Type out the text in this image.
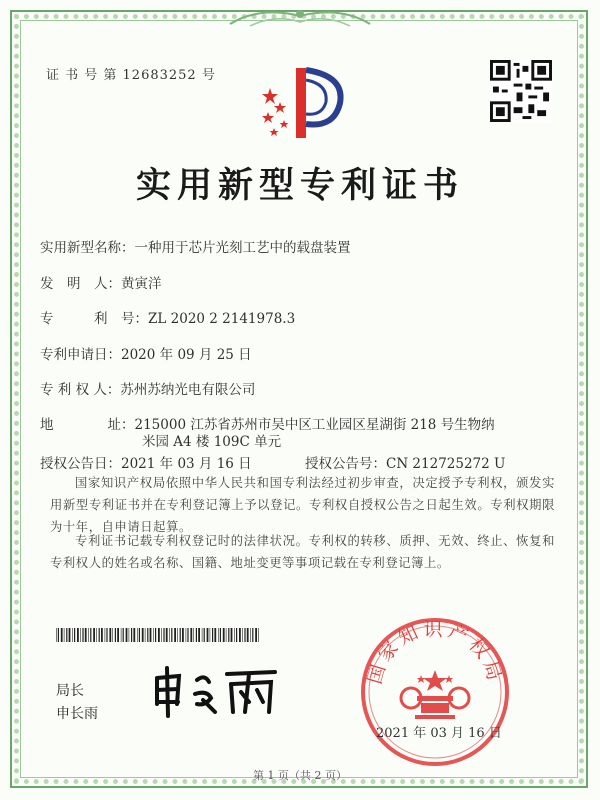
证 书 号 第 12683252 号
实用新型专利证书
实用新型名称：一种用于芯片光刻工艺中的载盘装置
发　明　人：黄寅洋
专　　　利　号：ZL 2020 2 2141978.3
专利申请日：2020 年 09 月 25 日
专 利 权 人：苏州苏纳光电有限公司
地　　　　址：215000 江苏省苏州市吴中区工业园区星湖街 218 号生物纳
米园 A4 楼 109C 单元
授权公告日：2021 年 03 月 16 日	授权公告号：CN 212725272 U
国家知识产权局依照中华人民共和国专利法经过初步审查，决定授予专利权，颁发实用新型专利证书并在专利登记簿上予以登记。专利权自授权公告之日起生效。专利权期限为十年，自申请日起算。
专利证书记载专利权登记时的法律状况。专利权的转移、质押、无效、终止、恢复和专利权人的姓名或名称、国籍、地址变更等事项记载在专利登记簿上。
局长
申长雨
国家知识产权局
2021 年 03 月 16 日
第 1 页（共 2 页）
